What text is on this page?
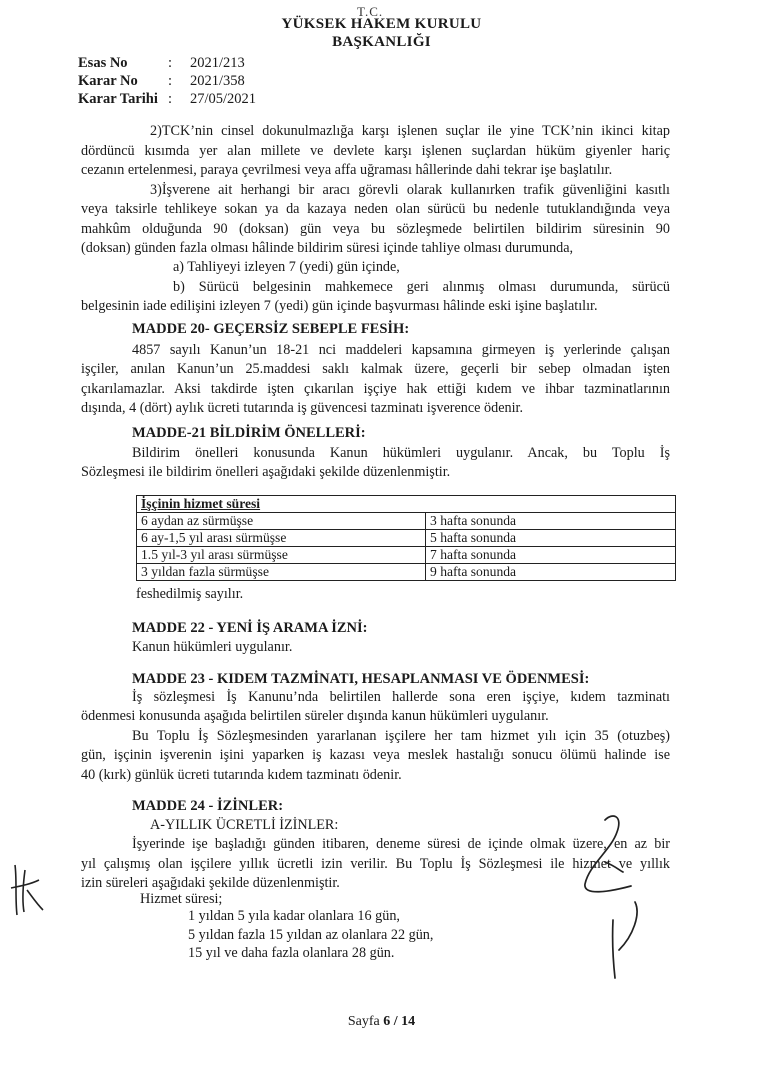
T.C.
YÜKSEK HAKEM KURULU
BAŞKANLIĞI
Esas No	:	2021/213
Karar No	:	2021/358
Karar Tarihi :	27/05/2021
2)TCK’nin cinsel dokunulmazlığa karşı işlenen suçlar ile yine TCK’nin ikinci kitap
dördüncü kısımda yer alan millete ve devlete karşı işlenen suçlardan hüküm giyenler hariç
cezanın ertelenmesi, paraya çevrilmesi veya affa uğraması hâllerinde dahi tekrar işe başlatılır.
3)İşverene ait herhangi bir aracı görevli olarak kullanırken trafik güvenliğini kasıtlı
veya taksirle tehlikeye sokan ya da kazaya neden olan sürücü bu nedenle tutuklandığında veya
mahkûm olduğunda 90 (doksan) gün veya bu sözleşmede belirtilen bildirim süresinin 90
(doksan) günden fazla olması hâlinde bildirim süresi içinde tahliye olması durumunda,
a) Tahliyeyi izleyen 7 (yedi) gün içinde,
b) Sürücü belgesinin mahkemece geri alınmış olması durumunda, sürücü
belgesinin iade edilişini izleyen 7 (yedi) gün içinde başvurması hâlinde eski işine başlatılır.
MADDE 20- GEÇERSİZ SEBEPLE FESİH:
4857 sayılı Kanun’un 18-21 nci maddeleri kapsamına girmeyen iş yerlerinde çalışan
işçiler, anılan Kanun’un 25.maddesi saklı kalmak üzere, geçerli bir sebep olmadan işten
çıkarılamazlar. Aksi takdirde işten çıkarılan işçiye hak ettiği kıdem ve ihbar tazminatlarının
dışında, 4 (dört) aylık ücreti tutarında iş güvencesi tazminatı işverence ödenir.
MADDE-21 BİLDİRİM ÖNELLERİ:
Bildirim önelleri konusunda Kanun hükümleri uygulanır. Ancak, bu Toplu İş
Sözleşmesi ile bildirim önelleri aşağıdaki şekilde düzenlenmiştir.
İşçinin hizmet süresi	
6 aydan az sürmüşse	3 hafta sonunda
6 ay-1,5 yıl arası sürmüşse	5 hafta sonunda
1.5 yıl-3 yıl arası sürmüşse	7 hafta sonunda
3 yıldan fazla sürmüşse	9 hafta sonunda
feshedilmiş sayılır.
MADDE 22 - YENİ İŞ ARAMA İZNİ:
Kanun hükümleri uygulanır.
MADDE 23 - KIDEM TAZMİNATI, HESAPLANMASI VE ÖDENMESİ:
İş sözleşmesi İş Kanunu’nda belirtilen hallerde sona eren işçiye, kıdem tazminatı
ödenmesi konusunda aşağıda belirtilen süreler dışında kanun hükümleri uygulanır.
Bu Toplu İş Sözleşmesinden yararlanan işçilere her tam hizmet yılı için 35 (otuzbeş)
gün, işçinin işverenin işini yaparken iş kazası veya meslek hastalığı sonucu ölümü halinde ise
40 (kırk) günlük ücreti tutarında kıdem tazminatı ödenir.
MADDE 24 - İZİNLER:
A-YILLIK ÜCRETLİ İZİNLER:
İşyerinde işe başladığı günden itibaren, deneme süresi de içinde olmak üzere, en az bir
yıl çalışmış olan işçilere yıllık ücretli izin verilir. Bu Toplu İş Sözleşmesi ile hizmet ve yıllık
izin süreleri aşağıdaki şekilde düzenlenmiştir.
Hizmet süresi;
1 yıldan 5 yıla kadar olanlara 16 gün,
5 yıldan fazla 15 yıldan az olanlara 22 gün,
15 yıl ve daha fazla olanlara 28 gün.
Sayfa 6 / 14
